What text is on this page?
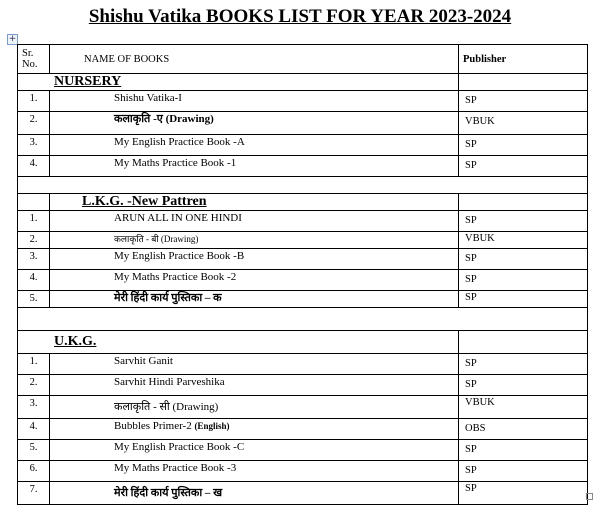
Shishu Vatika BOOKS LIST FOR YEAR 2023-2024
+
Sr. No.	NAME OF BOOKS	Publisher
NURSERY		
1.	Shishu Vatika-I	SP
2.	कलाकृति -ए (Drawing)	VBUK
3.	My English Practice Book -A	SP
4.	My Maths Practice Book -1	SP

	L.K.G. -New Pattren	
1.	ARUN ALL IN ONE HINDI	SP
2.	कलाकृति - बी (Drawing)	VBUK
3.	My English Practice Book -B	SP
4.	My Maths Practice Book -2	SP
5.	मेरी हिंदी कार्य पुस्तिका – क	SP

U.K.G.		
1.	Sarvhit Ganit	SP
2.	Sarvhit Hindi Parveshika	SP
3.	कलाकृति - सी (Drawing)	VBUK
4.	Bubbles Primer-2 (English)	OBS
5.	My English Practice Book -C	SP
6.	My Maths Practice Book -3	SP
7.	मेरी हिंदी कार्य पुस्तिका – ख	SP
